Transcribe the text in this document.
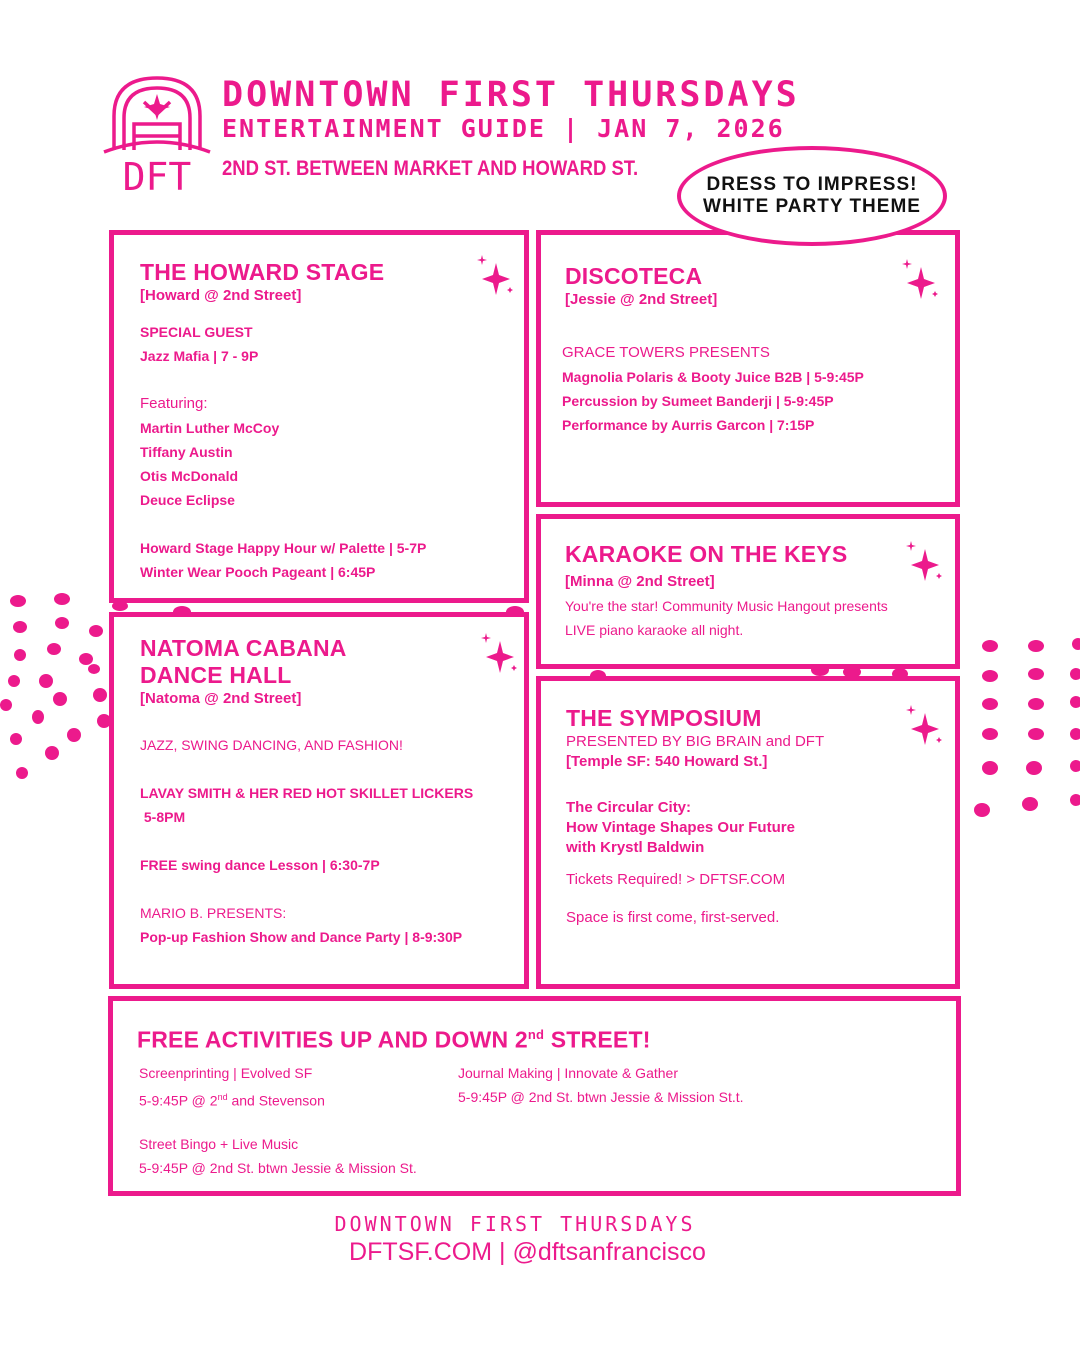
DFT
DOWNTOWN FIRST THURSDAYS
ENTERTAINMENT GUIDE | JAN 7, 2026
2ND ST. BETWEEN MARKET AND HOWARD ST.
DRESS TO IMPRESS!
WHITE PARTY THEME
THE HOWARD STAGE
[Howard @ 2nd Street]
SPECIAL GUEST
Jazz Mafia | 7 - 9P
Featuring:
Martin Luther McCoy
Tiffany Austin
Otis McDonald
Deuce Eclipse
Howard Stage Happy Hour w/ Palette | 5-7P
Winter Wear Pooch Pageant | 6:45P
DISCOTECA
[Jessie @ 2nd Street]
GRACE TOWERS PRESENTS
Magnolia Polaris & Booty Juice B2B | 5-9:45P
Percussion by Sumeet Banderji | 5-9:45P
Performance by Aurris Garcon | 7:15P
KARAOKE ON THE KEYS
[Minna @ 2nd Street]
You're the star! Community Music Hangout presents
LIVE piano karaoke all night.
NATOMA CABANA
DANCE HALL
[Natoma @ 2nd Street]
JAZZ, SWING DANCING, AND FASHION!
LAVAY SMITH & HER RED HOT SKILLET LICKERS
5-8PM
FREE swing dance Lesson | 6:30-7P
MARIO B. PRESENTS:
Pop-up Fashion Show and Dance Party | 8-9:30P
THE SYMPOSIUM
PRESENTED BY BIG BRAIN and DFT
[Temple SF: 540 Howard St.]
The Circular City:
How Vintage Shapes Our Future
with Krystl Baldwin
Tickets Required! > DFTSF.COM
Space is first come, first-served.
FREE ACTIVITIES UP AND DOWN 2nd STREET!
Screenprinting | Evolved SF
5-9:45P @ 2nd and Stevenson
Street Bingo + Live Music
5-9:45P @ 2nd St. btwn Jessie & Mission St.
Journal Making | Innovate & Gather
5-9:45P @ 2nd St. btwn Jessie & Mission St.t.
DOWNTOWN FIRST THURSDAYS
DFTSF.COM | @dftsanfrancisco
